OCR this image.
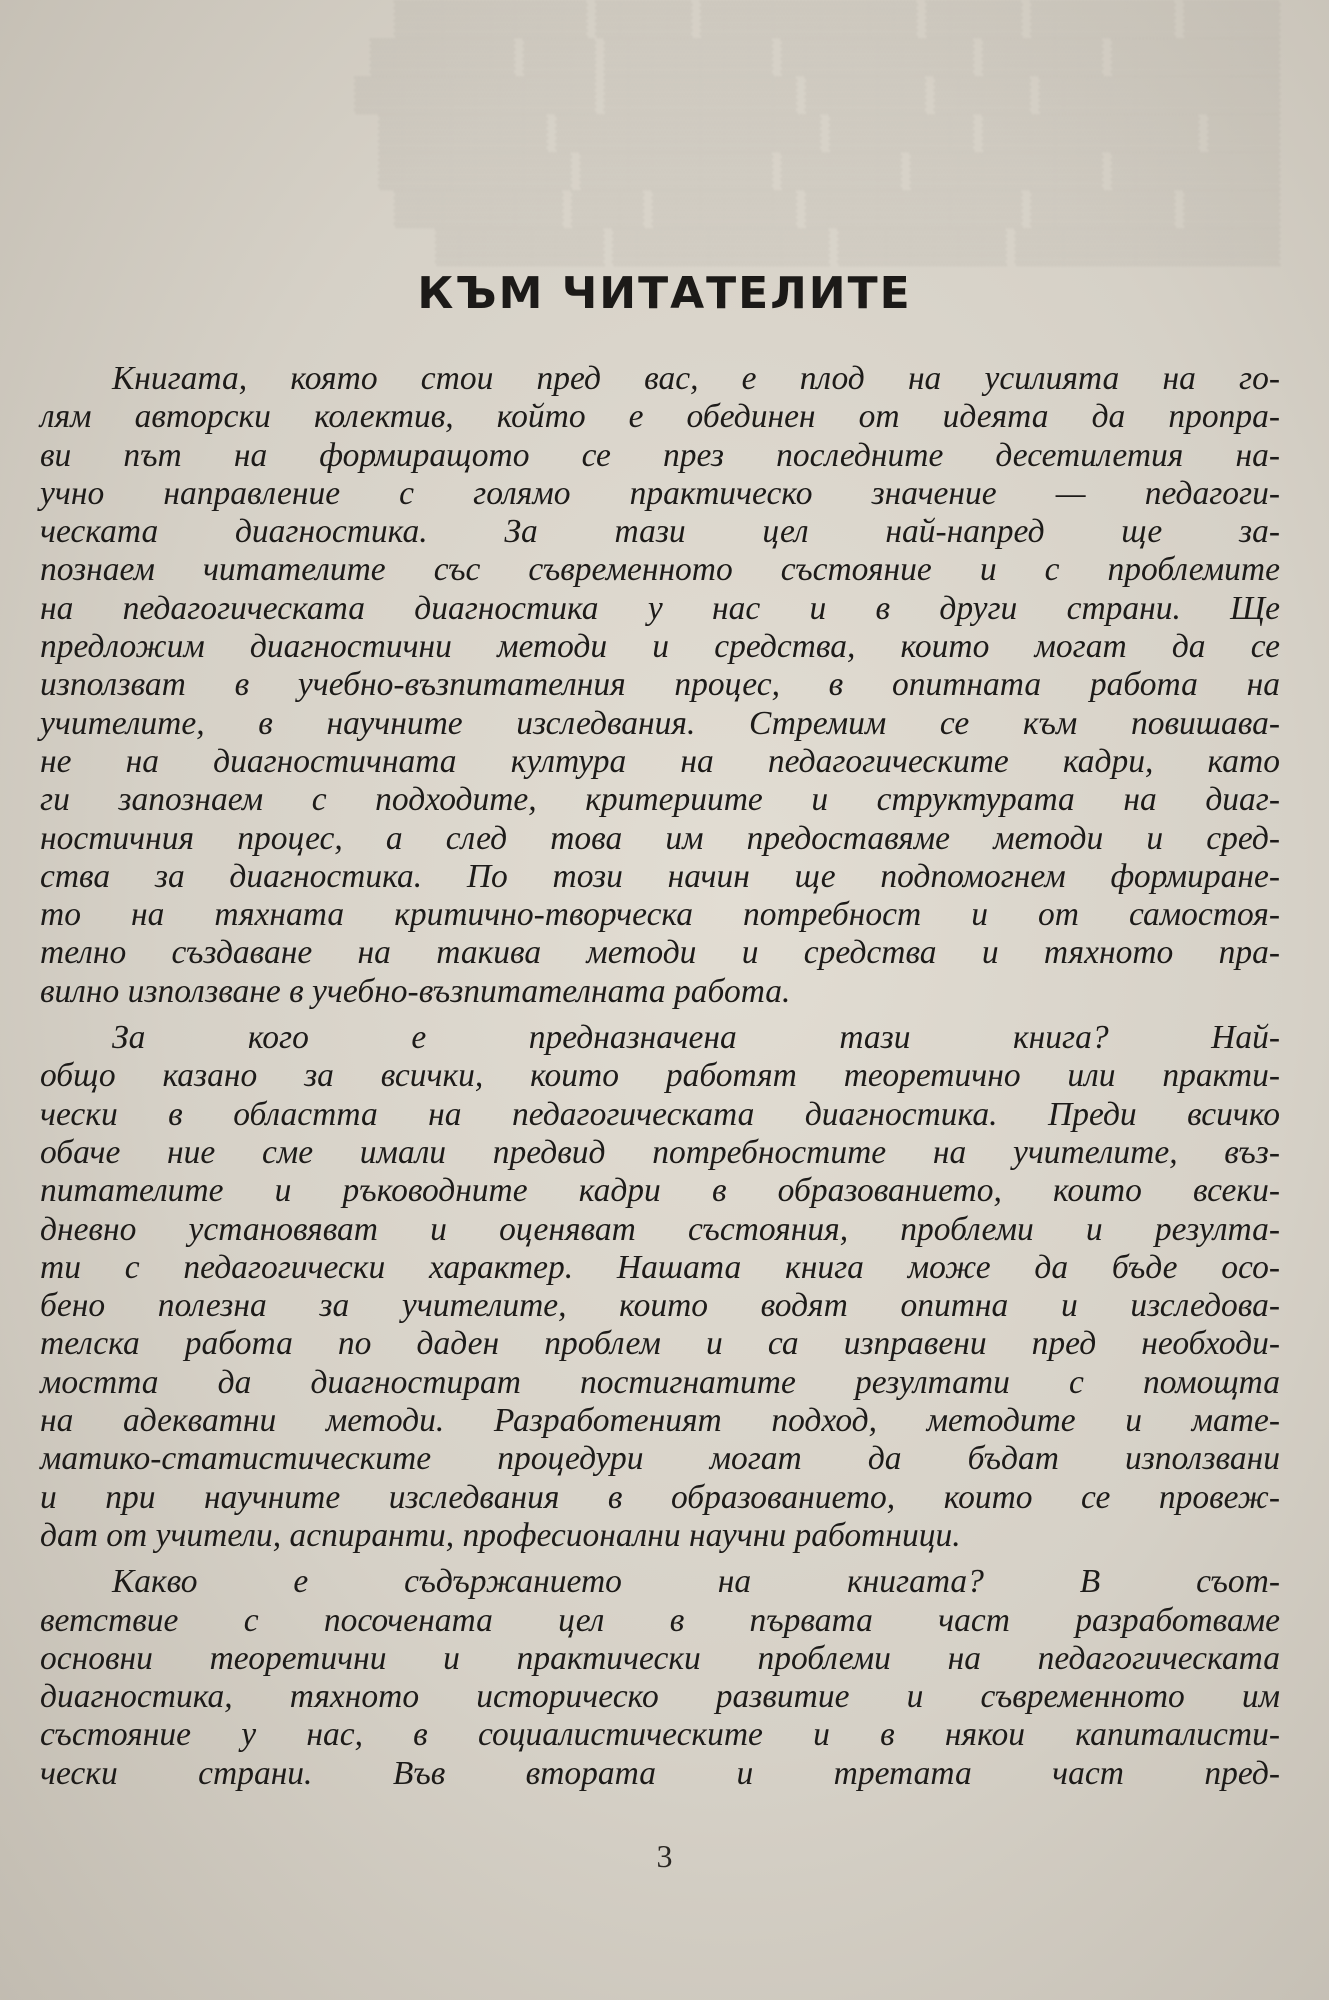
▒▒▒▒ ▒▒▒▒▒▒ ▒▒▒▒ ▒▒▒▒▒▒▒▒▒ ▒▒▒▒ ▒▒▒▒▒▒▒▒
▒▒▒▒▒▒▒ ▒▒▒▒▒ ▒▒▒▒▒▒▒▒ ▒▒▒▒▒▒▒ ▒▒▒ ▒▒▒▒▒▒
▒▒▒▒▒▒▒▒▒▒ ▒▒▒▒ ▒▒▒▒▒ ▒▒▒▒▒▒▒▒ ▒▒▒▒▒▒▒▒▒▒
▒▒▒ ▒▒▒▒▒▒▒▒▒ ▒▒▒▒▒▒ ▒▒▒▒▒▒▒▒▒▒▒ ▒▒▒▒▒▒▒
▒▒▒▒▒▒▒ ▒▒▒▒▒▒▒▒ ▒▒▒▒▒ ▒▒▒▒▒▒▒▒ ▒▒▒▒▒▒▒▒
▒▒▒▒ ▒▒▒▒▒▒ ▒▒▒▒▒▒▒▒▒ ▒▒▒▒▒▒ ▒▒▒ ▒▒▒▒▒▒▒
▒▒▒▒▒▒▒▒▒▒▒ ▒▒▒▒▒▒▒ ▒▒▒▒▒▒▒▒▒ ▒▒▒▒▒▒▒
КЪМ ЧИТАТЕЛИТЕ
Книгата, която стои пред вас, е плод на усилията на го-
лям авторски колектив, който е обединен от идеята да пропра-
ви път на формиращото се през последните десетилетия на-
учно направление с голямо практическо значение — педагоги-
ческата диагностика. За тази цел най-напред ще за-
познаем читателите със съвременното състояние и с проблемите
на педагогическата диагностика у нас и в други страни. Ще
предложим диагностични методи и средства, които могат да се
използват в учебно-възпитателния процес, в опитната работа на
учителите, в научните изследвания. Стремим се към повишава-
не на диагностичната култура на педагогическите кадри, като
ги запознаем с подходите, критериите и структурата на диаг-
ностичния процес, а след това им предоставяме методи и сред-
ства за диагностика. По този начин ще подпомогнем формиране-
то на тяхната критично-творческа потребност и от самостоя-
телно създаване на такива методи и средства и тяхното пра-
вилно използване в учебно-възпитателната работа.
За кого е предназначена тази книга? Най-
общо казано за всички, които работят теоретично или практи-
чески в областта на педагогическата диагностика. Преди всичко
обаче ние сме имали предвид потребностите на учителите, въз-
питателите и ръководните кадри в образованието, които всеки-
дневно установяват и оценяват състояния, проблеми и резулта-
ти с педагогически характер. Нашата книга може да бъде осо-
бено полезна за учителите, които водят опитна и изследова-
телска работа по даден проблем и са изправени пред необходи-
мостта да диагностират постигнатите резултати с помощта
на адекватни методи. Разработеният подход, методите и мате-
матико-статистическите процедури могат да бъдат използвани
и при научните изследвания в образованието, които се провеж-
дат от учители, аспиранти, професионални научни работници.
Какво е съдържанието на книгата? В съот-
ветствие с посочената цел в първата част разработваме
основни теоретични и практически проблеми на педагогическата
диагностика, тяхното историческо развитие и съвременното им
състояние у нас, в социалистическите и в някои капиталисти-
чески страни. Във втората и третата част пред-
3
